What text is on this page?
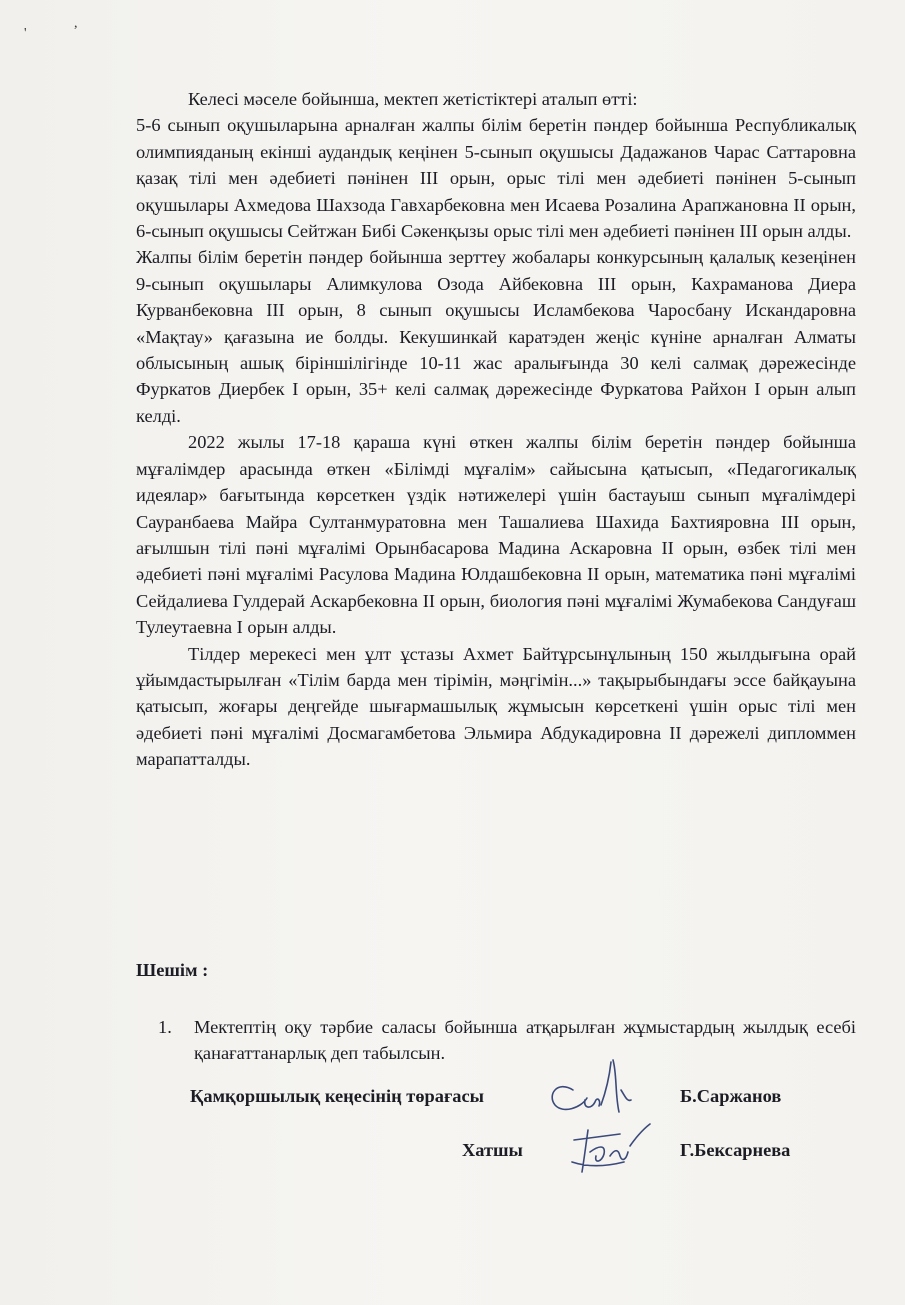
'
,

Келесі мәселе бойынша, мектеп жетістіктері аталып өтті:

5-6 сынып оқушыларына арналған жалпы білім беретін пәндер бойынша Республикалық олимпияданың екінші аудандық кеңінен 5-сынып оқушысы Дадажанов Чарас Саттаровна қазақ тілі мен әдебиеті пәнінен ІІІ орын, орыс тілі мен әдебиеті пәнінен 5-сынып оқушылары Ахмедова Шахзода Гавхарбековна мен Исаева Розалина Арапжановна ІІ орын, 6-сынып оқушысы Сейтжан Бибі Сәкенқызы орыс тілі мен әдебиеті пәнінен ІІІ орын алды.

Жалпы білім беретін пәндер бойынша зерттеу жобалары конкурсының қалалық кезеңінен 9-сынып оқушылары Алимкулова Озода Айбековна ІІІ орын, Кахраманова Диера Курванбековна ІІІ орын, 8 сынып оқушысы Исламбекова Чаросбану Искандаровна «Мақтау» қағазына ие болды. Кекушинкай каратэден жеңіс күніне арналған Алматы облысының ашық біріншілігінде 10-11 жас аралығында 30 келі салмақ дәрежесінде Фуркатов Диербек І орын, 35+ келі салмақ дәрежесінде Фуркатова Райхон І орын алып келді.

2022 жылы 17-18 қараша күні өткен жалпы білім беретін пәндер бойынша мұғалімдер арасында өткен «Білімді мұғалім» сайысына қатысып, «Педагогикалық идеялар» бағытында көрсеткен үздік нәтижелері үшін бастауыш сынып мұғалімдері Сауранбаева Майра Султанмуратовна мен Ташалиева Шахида Бахтияровна ІІІ орын, ағылшын тілі пәні мұғалімі Орынбасарова Мадина Аскаровна ІІ орын, өзбек тілі мен әдебиеті пәні мұғалімі Расулова Мадина Юлдашбековна ІІ орын, математика пәні мұғалімі Сейдалиева Гулдерай Аскарбековна ІІ орын, биология пәні мұғалімі Жумабекова Сандуғаш Тулеутаевна І орын алды.

Тілдер мерекесі мен ұлт ұстазы Ахмет Байтұрсынұлының 150 жылдығына орай ұйымдастырылған «Тілім барда мен тірімін, мәңгімін...» тақырыбындағы эссе байқауына қатысып, жоғары деңгейде шығармашылық жұмысын көрсеткені үшін орыс тілі мен әдебиеті пәні мұғалімі Досмагамбетова Эльмира Абдукадировна ІІ дәрежелі дипломмен марапатталды.

Шешім :
1. Мектептің оқу тәрбие саласы бойынша атқарылған жұмыстардың жылдық есебі қанағаттанарлық деп табылсын.
Қамқоршылық кеңесінің төрағасы	Б.Саржанов
Хатшы	Г.Бексарнева
